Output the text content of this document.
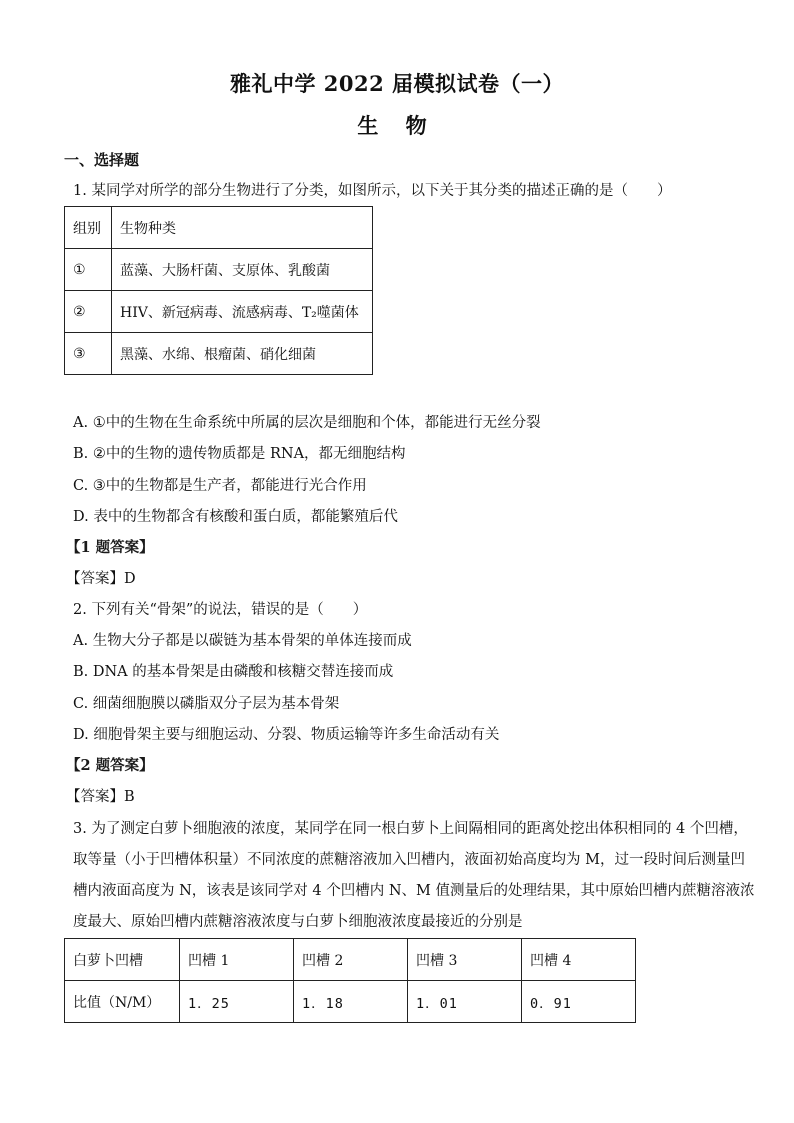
雅礼中学 2022 届模拟试卷（一）
生 物
一、选择题
1. 某同学对所学的部分生物进行了分类，如图所示，以下关于其分类的描述正确的是（　　）
组别	生物种类
①	蓝藻、大肠杆菌、支原体、乳酸菌
②	HIV、新冠病毒、流感病毒、T₂噬菌体
③	黑藻、水绵、根瘤菌、硝化细菌
A. ①中的生物在生命系统中所属的层次是细胞和个体，都能进行无丝分裂
B. ②中的生物的遗传物质都是 RNA，都无细胞结构
C. ③中的生物都是生产者，都能进行光合作用
D. 表中的生物都含有核酸和蛋白质，都能繁殖后代
【1 题答案】
【答案】D
2. 下列有关“骨架”的说法，错误的是（　　）
A. 生物大分子都是以碳链为基本骨架的单体连接而成
B. DNA 的基本骨架是由磷酸和核糖交替连接而成
C. 细菌细胞膜以磷脂双分子层为基本骨架
D. 细胞骨架主要与细胞运动、分裂、物质运输等许多生命活动有关
【2 题答案】
【答案】B
3. 为了测定白萝卜细胞液的浓度，某同学在同一根白萝卜上间隔相同的距离处挖出体积相同的 4 个凹槽，
取等量（小于凹槽体积量）不同浓度的蔗糖溶液加入凹槽内，液面初始高度均为 M，过一段时间后测量凹
槽内液面高度为 N，该表是该同学对 4 个凹槽内 N、M 值测量后的处理结果，其中原始凹槽内蔗糖溶液浓
度最大、原始凹槽内蔗糖溶液浓度与白萝卜细胞液浓度最接近的分别是
白萝卜凹槽	凹槽 1	凹槽 2	凹槽 3	凹槽 4
比值（N/M）	1．25	1．18	1．01	0．91
